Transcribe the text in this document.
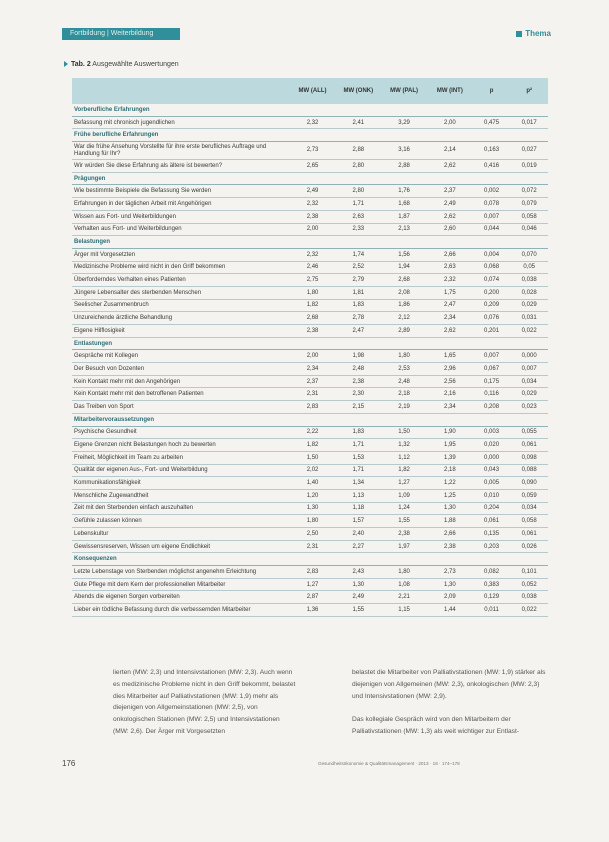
Fortbildung | Weiterbildung	Thema
Tab. 2 Ausgewählte Auswertungen
	MW (ALL)	MW (ONK)	MW (PAL)	MW (INT)	p	p²
Vorberufliche Erfahrungen						
Befassung mit chronisch jugendlichen	2,32	2,41	3,29	2,00	0,475	0,017
Frühe berufliche Erfahrungen						
War die frühe Ansehung Vorstellte für ihre erste berufliches Auftrage und Handlung für Ihr?	2,73	2,88	3,16	2,14	0,163	0,027
Wir würden Sie diese Erfahrung als ältere ist bewerten?	2,65	2,80	2,88	2,62	0,416	0,019
Prägungen						
Wie bestimmte Beispiele die Befassung Sie werden	2,49	2,80	1,76	2,37	0,002	0,072
Erfahrungen in der täglichen Arbeit mit Angehörigen	2,32	1,71	1,68	2,49	0,078	0,079
Wissen aus Fort- und Weiterbildungen	2,38	2,63	1,87	2,62	0,007	0,058
Verhalten aus Fort- und Weiterbildungen	2,00	2,33	2,13	2,60	0,044	0,046
Belastungen						
Ärger mit Vorgesetzten	2,32	1,74	1,56	2,66	0,004	0,070
Medizinische Probleme wird nicht in den Griff bekommen	2,46	2,52	1,94	2,63	0,068	0,05
Überforderndes Verhalten eines Patienten	2,75	2,79	2,68	2,32	0,074	0,038
Jüngere Lebensalter des sterbenden Menschen	1,80	1,81	2,08	1,75	0,200	0,028
Seelischer Zusammenbruch	1,82	1,83	1,86	2,47	0,209	0,029
Unzureichende ärztliche Behandlung	2,68	2,78	2,12	2,34	0,076	0,031
Eigene Hilflosigkeit	2,38	2,47	2,89	2,62	0,201	0,022
Entlastungen						
Gespräche mit Kollegen	2,00	1,98	1,80	1,65	0,007	0,000
Der Besuch von Dozenten	2,34	2,48	2,53	2,96	0,067	0,007
Kein Kontakt mehr mit den Angehörigen	2,37	2,38	2,48	2,56	0,175	0,034
Kein Kontakt mehr mit den betroffenen Patienten	2,31	2,30	2,18	2,16	0,116	0,029
Das Treiben von Sport	2,83	2,15	2,19	2,34	0,208	0,023
Mitarbeitervoraussetzungen						
Psychische Gesundheit	2,22	1,83	1,50	1,90	0,003	0,055
Eigene Grenzen nicht Belastungen hoch zu bewerten	1,82	1,71	1,32	1,95	0,020	0,061
Freiheit, Möglichkeit im Team zu arbeiten	1,50	1,53	1,12	1,39	0,000	0,098
Qualität der eigenen Aus-, Fort- und Weiterbildung	2,02	1,71	1,82	2,18	0,043	0,088
Kommunikationsfähigkeit	1,40	1,34	1,27	1,22	0,005	0,090
Menschliche Zugewandtheit	1,20	1,13	1,09	1,25	0,010	0,059
Zeit mit den Sterbenden einfach auszuhalten	1,30	1,18	1,24	1,30	0,204	0,034
Gefühle zulassen können	1,80	1,57	1,55	1,88	0,061	0,058
Lebenskultur	2,50	2,40	2,38	2,66	0,135	0,061
Gewissensreserven, Wissen um eigene Endlichkeit	2,31	2,27	1,97	2,38	0,203	0,026
Konsequenzen						
Letzte Lebenstage von Sterbenden möglichst angenehm Erleichtung	2,83	2,43	1,80	2,73	0,082	0,101
Gute Pflege mit dem Kern der professionellen Mitarbeiter	1,27	1,30	1,08	1,30	0,383	0,052
Abends die eigenen Sorgen vorbereiten	2,87	2,49	2,21	2,09	0,129	0,038
Lieber ein tödliche Befassung durch die verbessernden Mitarbeiter	1,36	1,55	1,15	1,44	0,011	0,022
lierten (MW: 2,3) und Intensivstationen (MW: 2,3). Auch wenn es medizinische Probleme nicht in den Griff bekommt, belastet dies Mitarbeiter auf Palliativstationen (MW: 1,9) mehr als diejenigen von Allgemeinstationen (MW: 2,5), von onkologischen Stationen (MW: 2,5) und Intensivstationen (MW: 2,6). Der Ärger mit Vorgesetzten
belastet die Mitarbeiter von Palliativstationen (MW: 1,9) stärker als diejenigen von Allgemeinen (MW: 2,3), onkologischen (MW: 2,3) und Intensivstationen (MW: 2,9).

Das kollegiale Gespräch wird von den Mitarbeitern der Palliativstationen (MW: 1,3) als weit wichtiger zur Entlast-
176	Gesundheitsökonomie & Qualitätsmanagement · 2013 · 18 · 174–178
